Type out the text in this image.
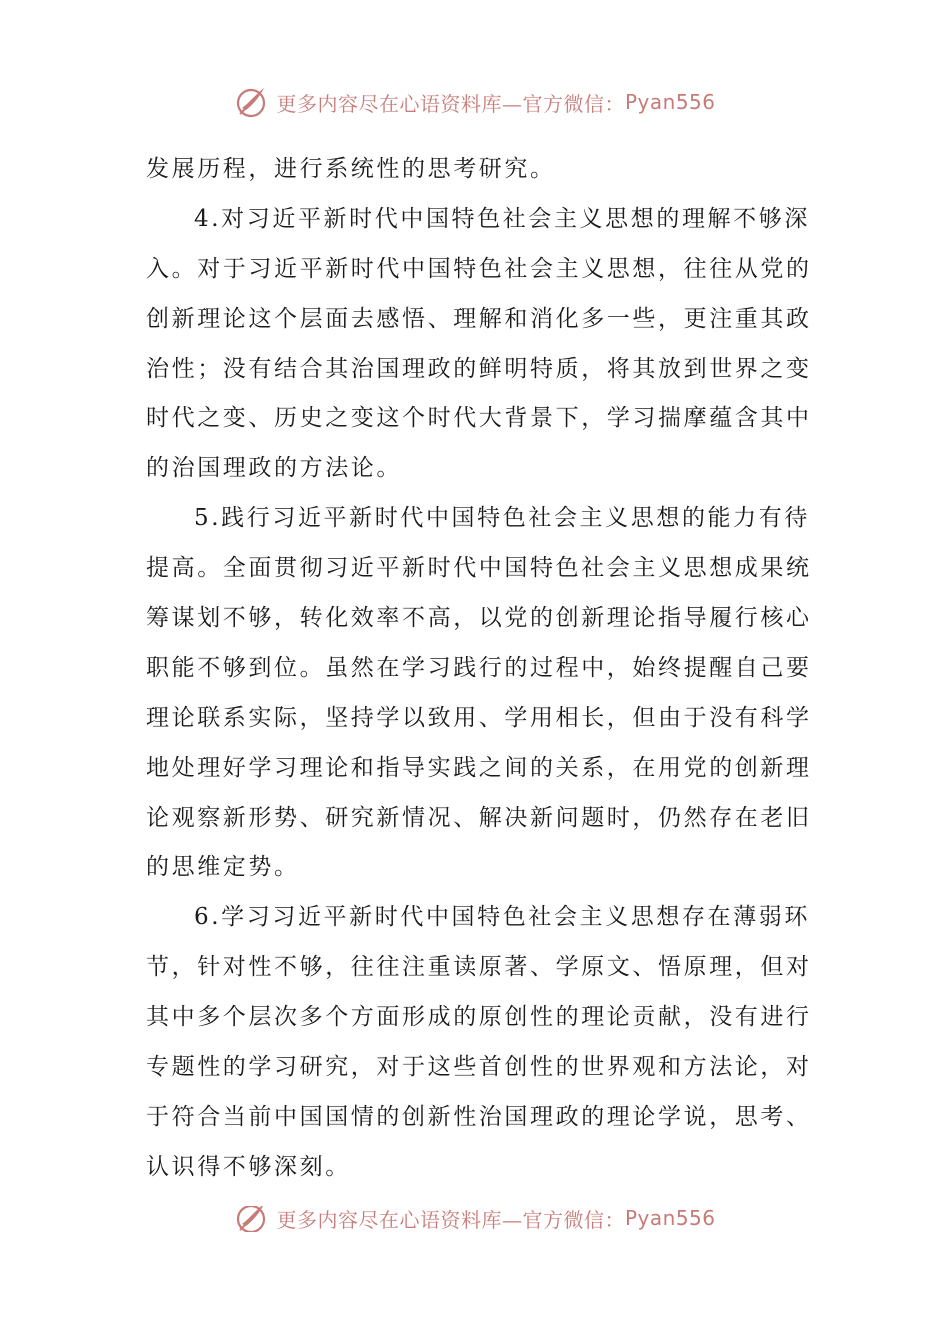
更多内容尽在心语资料库—官方微信： Pyan556
发展历程，进行系统性的思考研究。
4.对习近平新时代中国特色社会主义思想的理解不够深
入。对于习近平新时代中国特色社会主义思想，往往从党的
创新理论这个层面去感悟、理解和消化多一些，更注重其政
治性；没有结合其治国理政的鲜明特质，将其放到世界之变
时代之变、历史之变这个时代大背景下，学习揣摩蕴含其中
的治国理政的方法论。
5.践行习近平新时代中国特色社会主义思想的能力有待
提高。全面贯彻习近平新时代中国特色社会主义思想成果统
筹谋划不够，转化效率不高，以党的创新理论指导履行核心
职能不够到位。虽然在学习践行的过程中，始终提醒自己要
理论联系实际，坚持学以致用、学用相长，但由于没有科学
地处理好学习理论和指导实践之间的关系，在用党的创新理
论观察新形势、研究新情况、解决新问题时，仍然存在老旧
的思维定势。
6.学习习近平新时代中国特色社会主义思想存在薄弱环
节，针对性不够，往往注重读原著、学原文、悟原理，但对
其中多个层次多个方面形成的原创性的理论贡献，没有进行
专题性的学习研究，对于这些首创性的世界观和方法论，对
于符合当前中国国情的创新性治国理政的理论学说，思考、
认识得不够深刻。
更多内容尽在心语资料库—官方微信： Pyan556
